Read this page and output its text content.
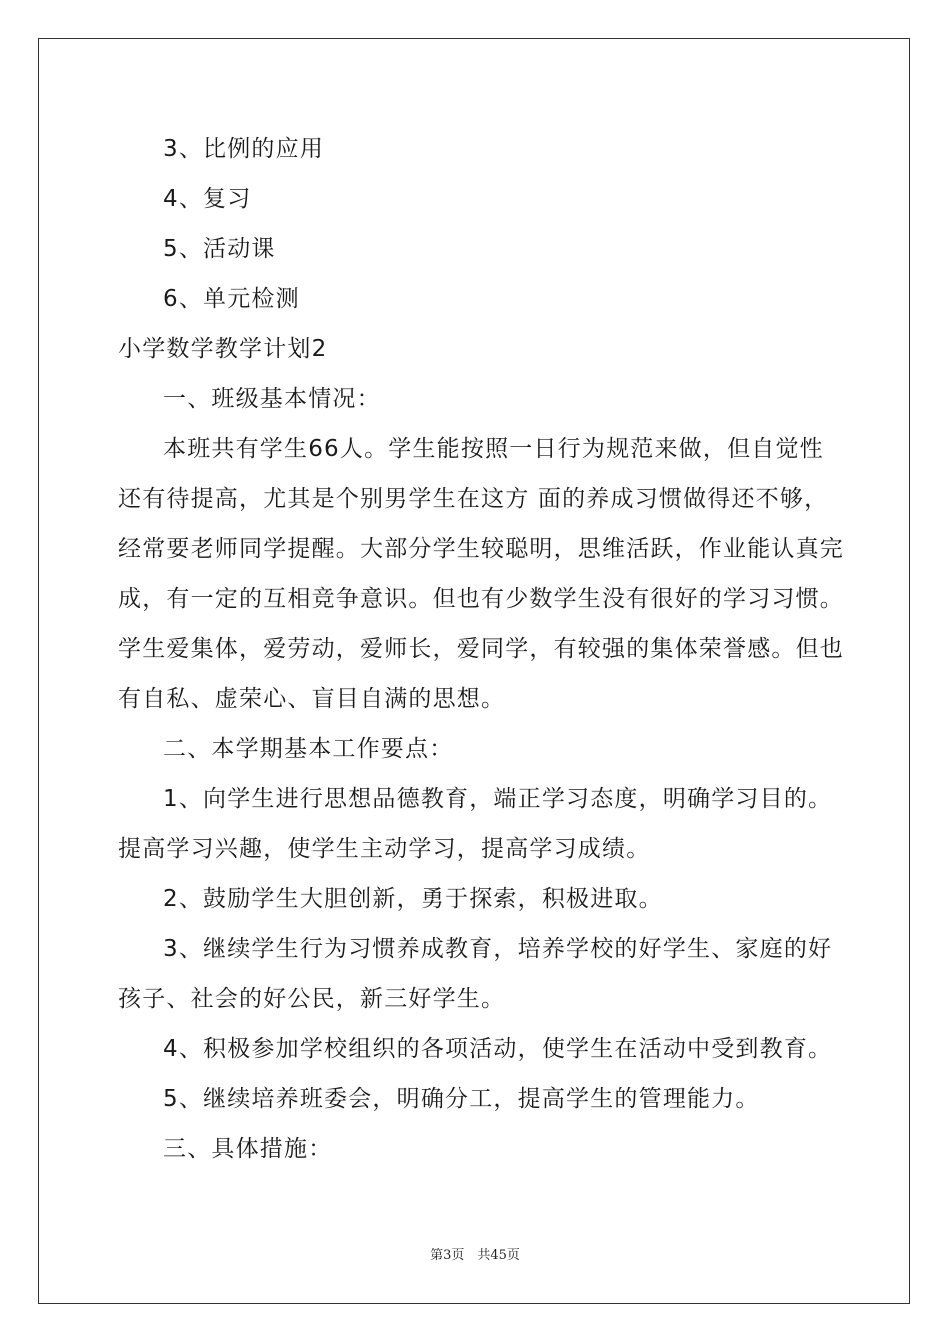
3、比例的应用
4、复习
5、活动课
6、单元检测
小学数学教学计划2
一、班级基本情况：
本班共有学生66人。学生能按照一日行为规范来做，但自觉性
还有待提高，尤其是个别男学生在这方 面的养成习惯做得还不够，
经常要老师同学提醒。大部分学生较聪明，思维活跃，作业能认真完
成，有一定的互相竞争意识。但也有少数学生没有很好的学习习惯。
学生爱集体，爱劳动，爱师长，爱同学，有较强的集体荣誉感。但也
有自私、虚荣心、盲目自满的思想。
二、本学期基本工作要点：
1、向学生进行思想品德教育，端正学习态度，明确学习目的。
提高学习兴趣，使学生主动学习，提高学习成绩。
2、鼓励学生大胆创新，勇于探索，积极进取。
3、继续学生行为习惯养成教育，培养学校的好学生、家庭的好
孩子、社会的好公民，新三好学生。
4、积极参加学校组织的各项活动，使学生在活动中受到教育。
5、继续培养班委会，明确分工，提高学生的管理能力。
三、具体措施：
第3页　共45页
